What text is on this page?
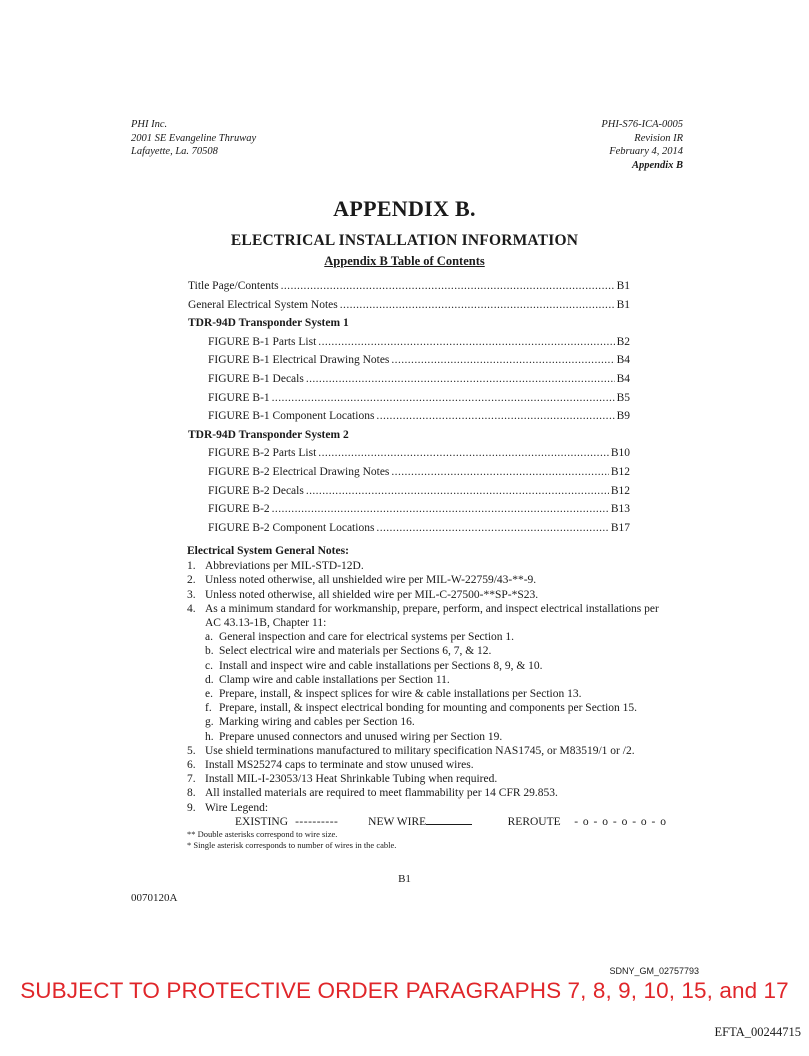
PHI Inc.
2001 SE Evangeline Thruway
Lafayette, La. 70508
PHI-S76-ICA-0005
Revision IR
February 4, 2014
Appendix B
APPENDIX B.
ELECTRICAL INSTALLATION INFORMATION
Appendix B Table of Contents
Title Page/Contents .....	B1
General Electrical System Notes .....	B1
TDR-94D Transponder System 1
FIGURE B-1 Parts List .....	B2
FIGURE B-1 Electrical Drawing Notes .....	B4
FIGURE B-1 Decals .....	B4
FIGURE B-1 .....	B5
FIGURE B-1 Component Locations .....	B9
TDR-94D Transponder System 2
FIGURE B-2 Parts List .....	B10
FIGURE B-2 Electrical Drawing Notes .....	B12
FIGURE B-2 Decals .....	B12
FIGURE B-2 .....	B13
FIGURE B-2 Component Locations .....	B17
Electrical System General Notes:
1. Abbreviations per MIL-STD-12D.
2. Unless noted otherwise, all unshielded wire per MIL-W-22759/43-**-9.
3. Unless noted otherwise, all shielded wire per MIL-C-27500-**SP-*S23.
4. As a minimum standard for workmanship, prepare, perform, and inspect electrical installations per AC 43.13-1B, Chapter 11:
a. General inspection and care for electrical systems per Section 1.
b. Select electrical wire and materials per Sections 6, 7, & 12.
c. Install and inspect wire and cable installations per Sections 8, 9, & 10.
d. Clamp wire and cable installations per Section 11.
e. Prepare, install, & inspect splices for wire & cable installations per Section 13.
f. Prepare, install, & inspect electrical bonding for mounting and components per Section 15.
g. Marking wiring and cables per Section 16.
h. Prepare unused connectors and unused wiring per Section 19.
5. Use shield terminations manufactured to military specification NAS1745, or M83519/1 or /2.
6. Install MS25274 caps to terminate and stow unused wires.
7. Install MIL-I-23053/13 Heat Shrinkable Tubing when required.
8. All installed materials are required to meet flammability per 14 CFR 29.853.
9. Wire Legend:
EXISTING ----------	NEW WIRE	REROUTE	- o - o - o - o - o
** Double asterisks correspond to wire size.
* Single asterisk corresponds to number of wires in the cable.
B1
0070120A
SDNY_GM_02757793
SUBJECT TO PROTECTIVE ORDER PARAGRAPHS 7, 8, 9, 10, 15, and 17
EFTA_00244715
